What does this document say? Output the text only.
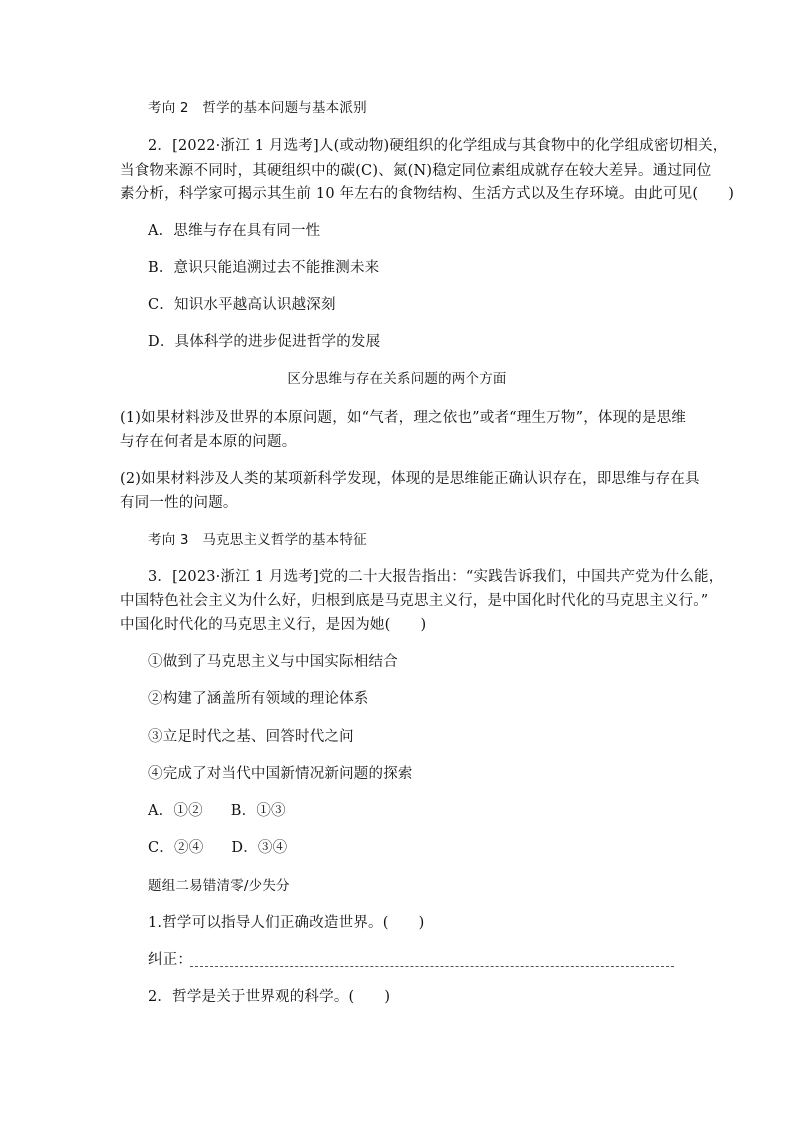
考向 2　哲学的基本问题与基本派别
2．[2022·浙江 1 月选考]人(或动物)硬组织的化学组成与其食物中的化学组成密切相关，
当食物来源不同时，其硬组织中的碳(C)、氮(N)稳定同位素组成就存在较大差异。通过同位
素分析，科学家可揭示其生前 10 年左右的食物结构、生活方式以及生存环境。由此可见( )
A．思维与存在具有同一性
B．意识只能追溯过去不能推测未来
C．知识水平越高认识越深刻
D．具体科学的进步促进哲学的发展
区分思维与存在关系问题的两个方面
(1)如果材料涉及世界的本原问题，如“气者，理之依也”或者“理生万物”，体现的是思维
与存在何者是本原的问题。
(2)如果材料涉及人类的某项新科学发现，体现的是思维能正确认识存在，即思维与存在具
有同一性的问题。
考向 3　马克思主义哲学的基本特征
3．[2023·浙江 1 月选考]党的二十大报告指出：“实践告诉我们，中国共产党为什么能，
中国特色社会主义为什么好，归根到底是马克思主义行，是中国化时代化的马克思主义行。”
中国化时代化的马克思主义行，是因为她( )
①做到了马克思主义与中国实际相结合
②构建了涵盖所有领域的理论体系
③立足时代之基、回答时代之问
④完成了对当代中国新情况新问题的探索
A．①② B．①③
C．②④ D．③④
题组二易错清零/少失分
1.哲学可以指导人们正确改造世界。( )
纠正：
2．哲学是关于世界观的科学。( )
